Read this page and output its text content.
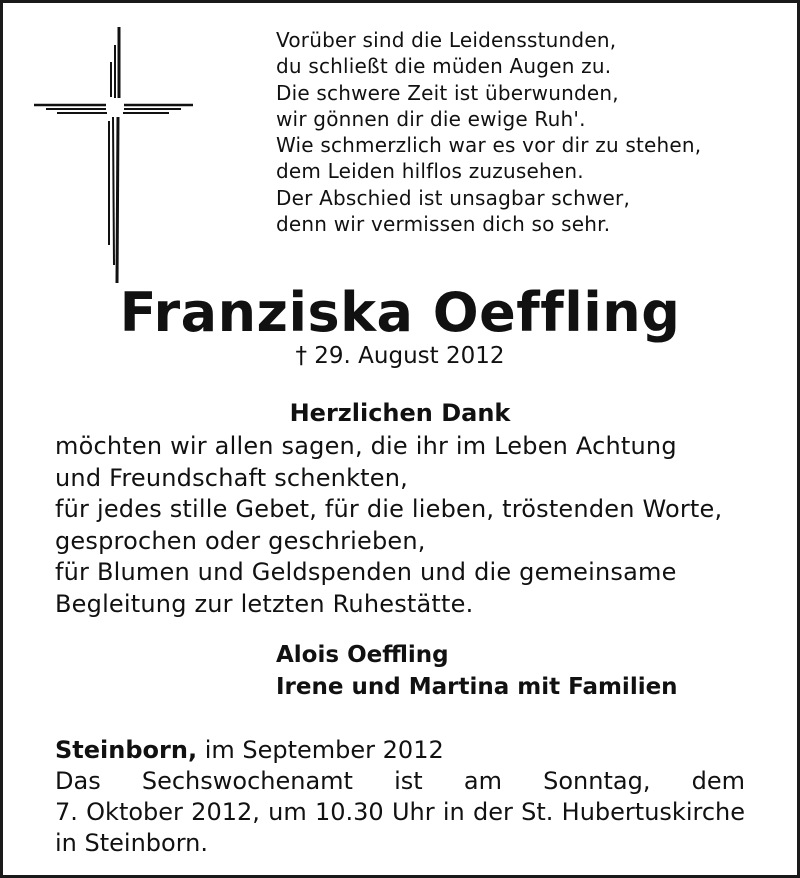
Vorüber sind die Leidensstunden,
du schließt die müden Augen zu.
Die schwere Zeit ist überwunden,
wir gönnen dir die ewige Ruh'.
Wie schmerzlich war es vor dir zu stehen,
dem Leiden hilflos zuzusehen.
Der Abschied ist unsagbar schwer,
denn wir vermissen dich so sehr.
Franziska Oeffling
† 29. August 2012
Herzlichen Dank
möchten wir allen sagen, die ihr im Leben Achtung
und Freundschaft schenkten,
für jedes stille Gebet, für die lieben, tröstenden Worte,
gesprochen oder geschrieben,
für Blumen und Geldspenden und die gemeinsame
Begleitung zur letzten Ruhestätte.
Alois Oeffling
Irene und Martina mit Familien
Steinborn, im September 2012
Das Sechswochenamt ist am Sonntag, dem
7. Oktober 2012, um 10.30 Uhr in der St. Hubertuskirche
in Steinborn.
